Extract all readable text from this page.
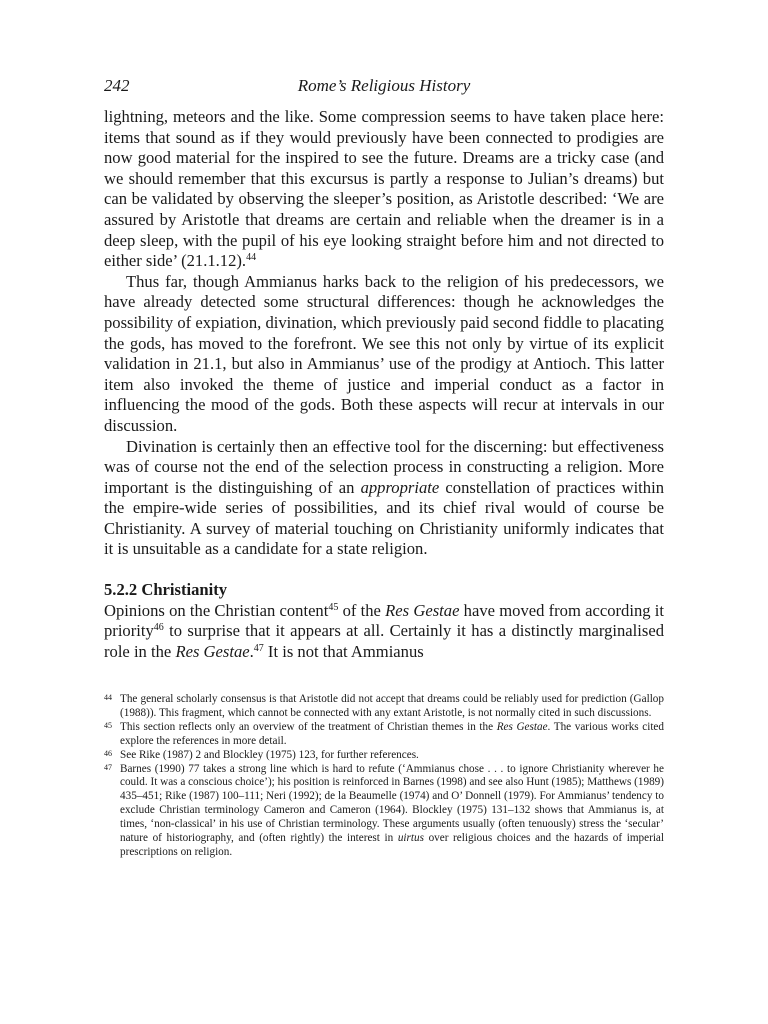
242	Rome’s Religious History

lightning, meteors and the like. Some compression seems to have taken place here: items that sound as if they would previously have been connected to prodigies are now good material for the inspired to see the future. Dreams are a tricky case (and we should remember that this excursus is partly a response to Julian’s dreams) but can be validated by observing the sleeper’s position, as Aristotle described: ‘We are assured by Aristotle that dreams are certain and reliable when the dreamer is in a deep sleep, with the pupil of his eye looking straight before him and not directed to either side’ (21.1.12).$^{44}$

Thus far, though Ammianus harks back to the religion of his predecessors, we have already detected some structural differences: though he acknowledges the possibility of expiation, divination, which previously paid second fiddle to placating the gods, has moved to the forefront. We see this not only by virtue of its explicit validation in 21.1, but also in Ammianus’ use of the prodigy at Antioch. This latter item also invoked the theme of justice and imperial conduct as a factor in influencing the mood of the gods. Both these aspects will recur at intervals in our discussion.

Divination is certainly then an effective tool for the discerning: but effectiveness was of course not the end of the selection process in constructing a religion. More important is the distinguishing of an appropriate constellation of practices within the empire-wide series of possibilities, and its chief rival would of course be Christianity. A survey of material touching on Christianity uniformly indicates that it is unsuitable as a candidate for a state religion.

5.2.2 Christianity

Opinions on the Christian content$^{45}$ of the Res Gestae have moved from according it priority$^{46}$ to surprise that it appears at all. Certainly it has a distinctly marginalised role in the Res Gestae.$^{47}$ It is not that Ammianus

44 The general scholarly consensus is that Aristotle did not accept that dreams could be reliably used for prediction (Gallop (1988)). This fragment, which cannot be connected with any extant Aristotle, is not normally cited in such discussions.

45 This section reflects only an overview of the treatment of Christian themes in the Res Gestae. The various works cited explore the references in more detail.

46 See Rike (1987) 2 and Blockley (1975) 123, for further references.

47 Barnes (1990) 77 takes a strong line which is hard to refute (‘Ammianus chose . . . to ignore Christianity wherever he could. It was a conscious choice’); his position is reinforced in Barnes (1998) and see also Hunt (1985); Matthews (1989) 435–451; Rike (1987) 100–111; Neri (1992); de la Beaumelle (1974) and O’ Donnell (1979). For Ammianus’ tendency to exclude Christian terminology Cameron and Cameron (1964). Blockley (1975) 131–132 shows that Ammianus is, at times, ‘non-classical’ in his use of Christian terminology. These arguments usually (often tenuously) stress the ‘secular’ nature of historiography, and (often rightly) the interest in uirtus over religious choices and the hazards of imperial prescriptions on religion.
